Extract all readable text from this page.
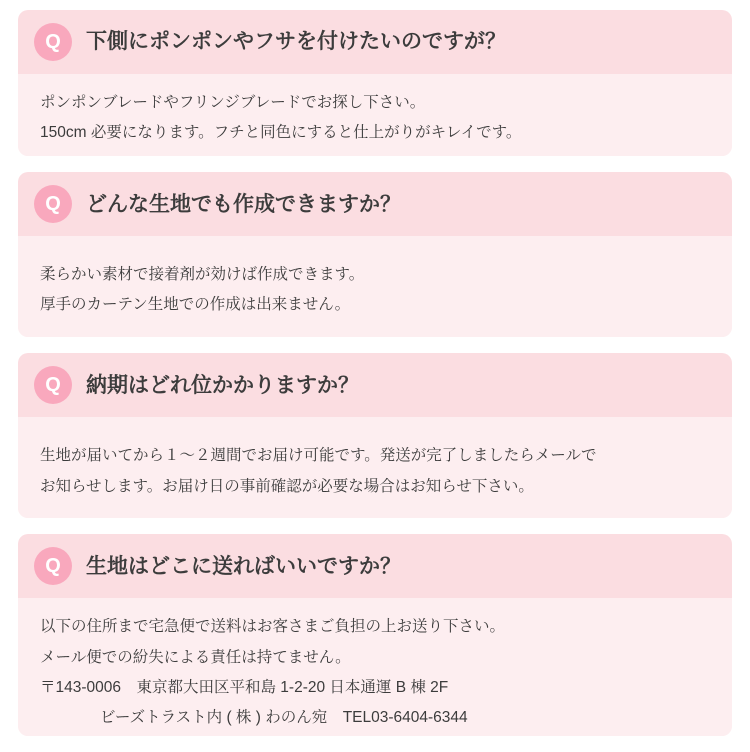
Q	下側にポンポンやフサを付けたいのですが？
ポンポンブレードやフリンジブレードでお探し下さい。
150cm 必要になります。フチと同色にすると仕上がりがキレイです。
Q	どんな生地でも作成できますか？
柔らかい素材で接着剤が効けば作成できます。
厚手のカーテン生地での作成は出来ません。
Q	納期はどれ位かかりますか？
生地が届いてから１〜２週間でお届け可能です。発送が完了しましたらメールで
お知らせします。お届け日の事前確認が必要な場合はお知らせ下さい。
Q	生地はどこに送ればいいですか？
以下の住所まで宅急便で送料はお客さまご負担の上お送り下さい。
メール便での紛失による責任は持てません。
〒143-0006　東京都大田区平和島 1-2-20 日本通運 B 棟 2F
ビーズトラスト内 ( 株 ) わのん宛　TEL03-6404-6344
